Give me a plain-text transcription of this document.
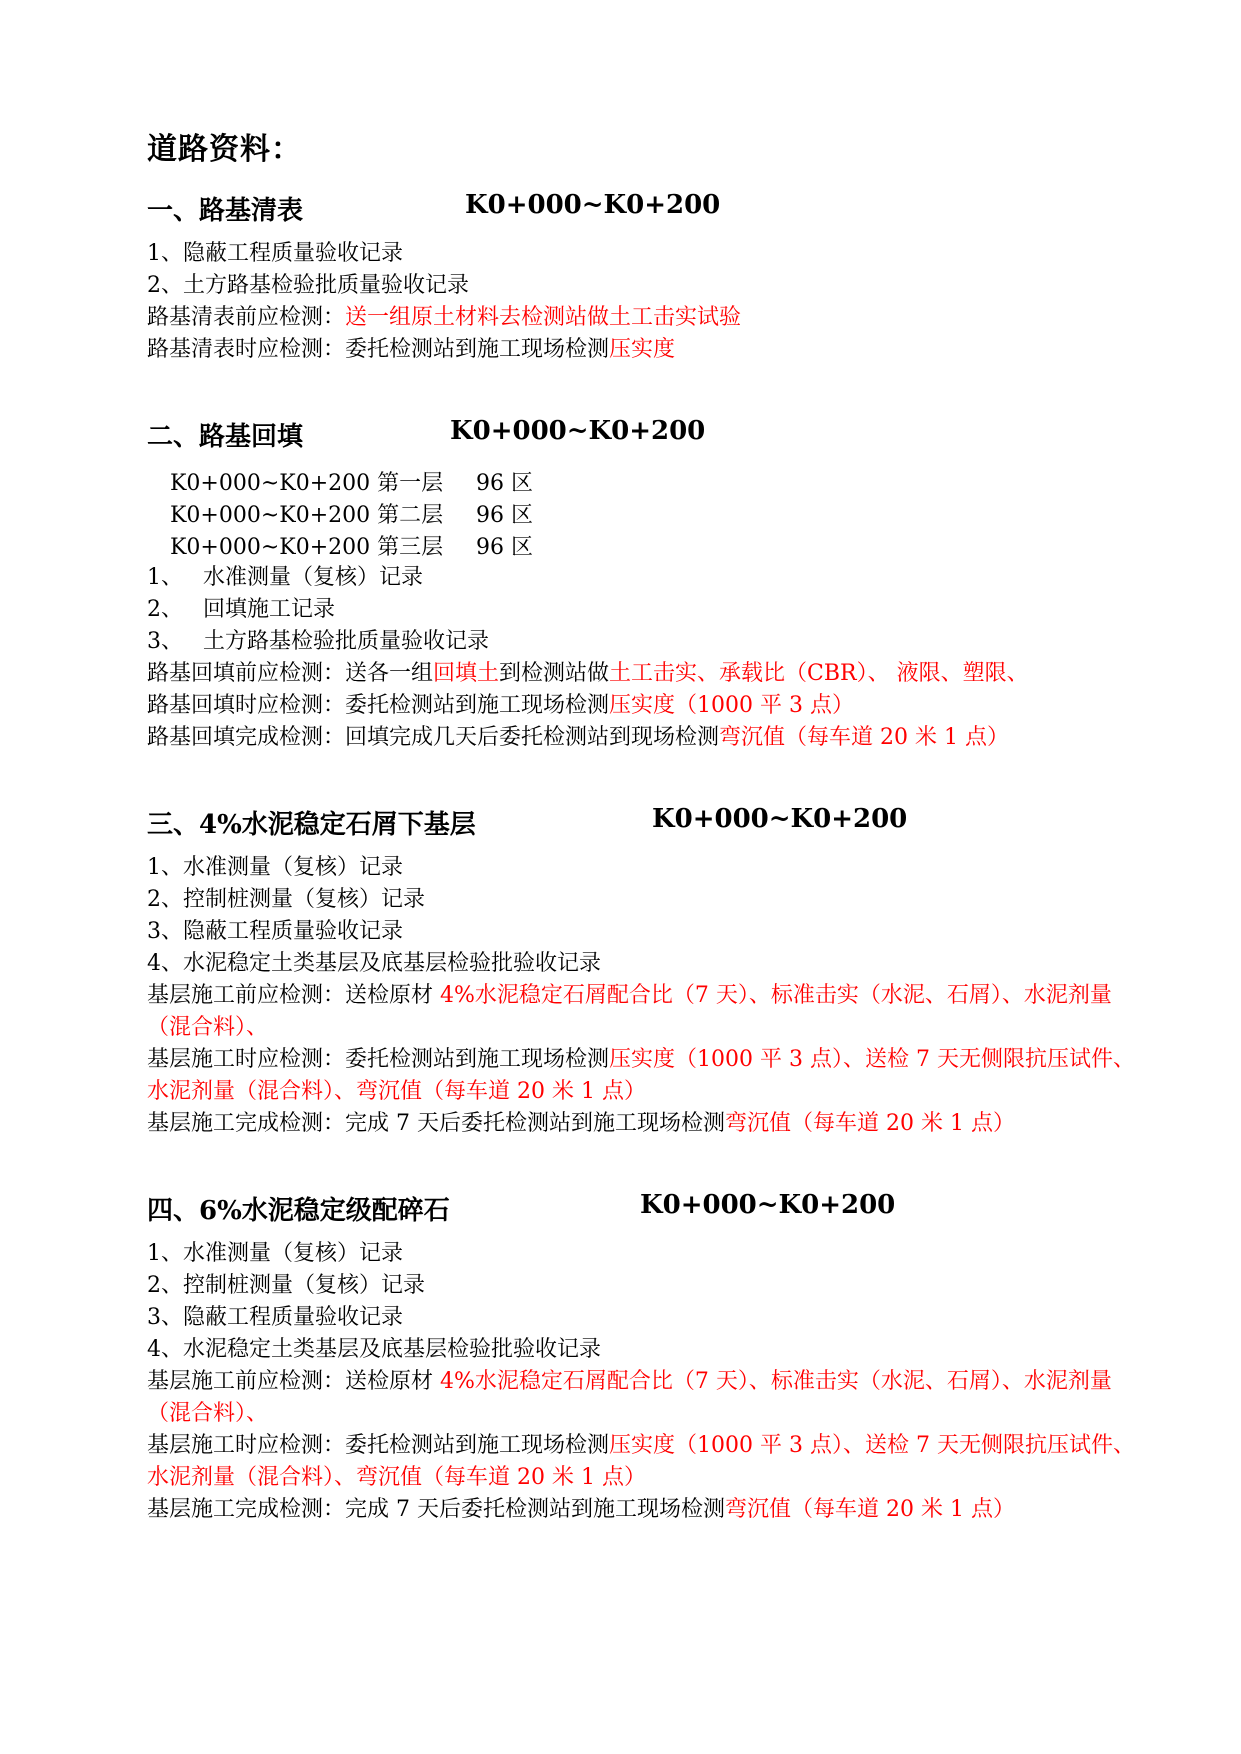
道路资料：
一、路基清表	K0+000~K0+200
1、隐蔽工程质量验收记录
2、土方路基检验批质量验收记录
路基清表前应检测：送一组原土材料去检测站做土工击实试验
路基清表时应检测：委托检测站到施工现场检测压实度
二、路基回填	K0+000~K0+200
K0+000~K0+200 第一层 96 区
K0+000~K0+200 第二层 96 区
K0+000~K0+200 第三层 96 区
1、 水准测量（复核）记录
2、 回填施工记录
3、 土方路基检验批质量验收记录
路基回填前应检测：送各一组回填土到检测站做土工击实、承载比（CBR）、 液限、塑限、
路基回填时应检测：委托检测站到施工现场检测压实度（1000 平 3 点）
路基回填完成检测：回填完成几天后委托检测站到现场检测弯沉值（每车道 20 米 1 点）
三、4%水泥稳定石屑下基层	K0+000~K0+200
1、水准测量（复核）记录
2、控制桩测量（复核）记录
3、隐蔽工程质量验收记录
4、水泥稳定土类基层及底基层检验批验收记录
基层施工前应检测：送检原材 4%水泥稳定石屑配合比（7 天）、标准击实（水泥、石屑）、水泥剂量（混合料）、
基层施工时应检测：委托检测站到施工现场检测压实度（1000 平 3 点）、送检 7 天无侧限抗压试件、水泥剂量（混合料）、弯沉值（每车道 20 米 1 点）
基层施工完成检测：完成 7 天后委托检测站到施工现场检测弯沉值（每车道 20 米 1 点）
四、6%水泥稳定级配碎石	K0+000~K0+200
1、水准测量（复核）记录
2、控制桩测量（复核）记录
3、隐蔽工程质量验收记录
4、水泥稳定土类基层及底基层检验批验收记录
基层施工前应检测：送检原材 4%水泥稳定石屑配合比（7 天）、标准击实（水泥、石屑）、水泥剂量（混合料）、
基层施工时应检测：委托检测站到施工现场检测压实度（1000 平 3 点）、送检 7 天无侧限抗压试件、水泥剂量（混合料）、弯沉值（每车道 20 米 1 点）
基层施工完成检测：完成 7 天后委托检测站到施工现场检测弯沉值（每车道 20 米 1 点）
